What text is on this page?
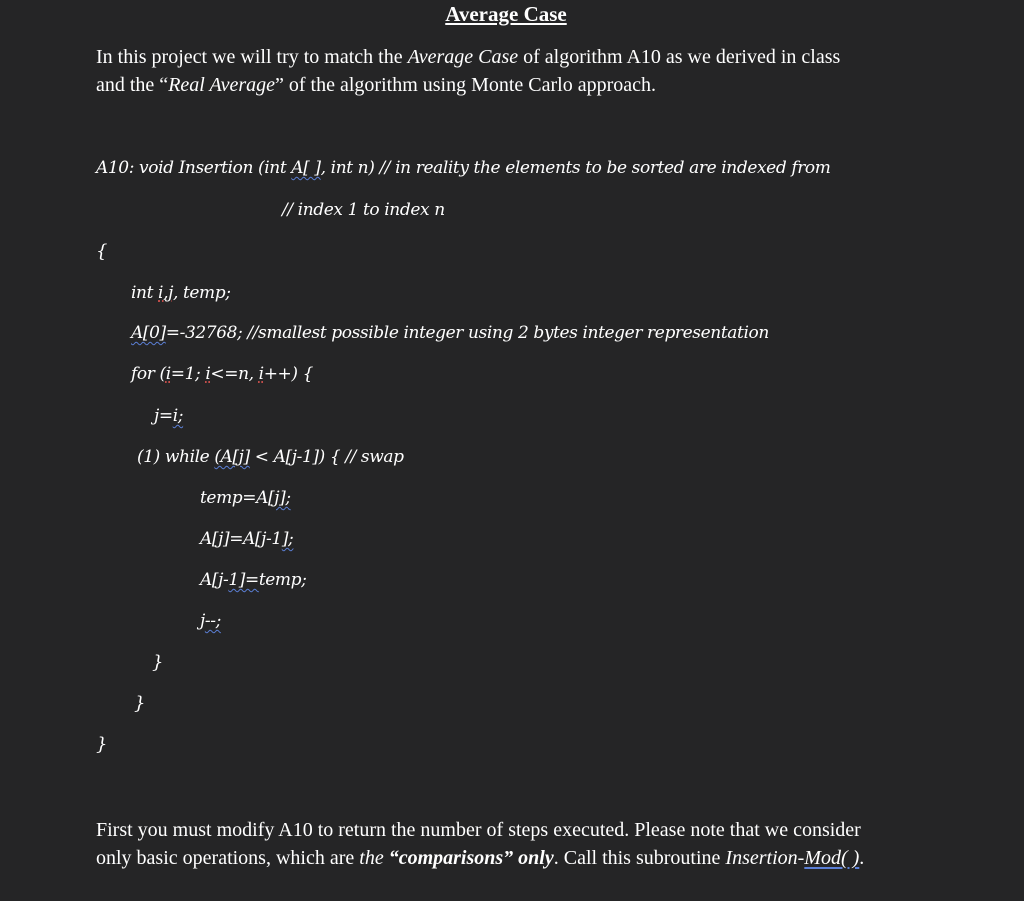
Average Case
In this project we will try to match the Average Case of algorithm A10 as we derived in class
and the “Real Average” of the algorithm using Monte Carlo approach.
A10: void Insertion (int A[ ], int n) // in reality the elements to be sorted are indexed from
// index 1 to index n
{
int i,j, temp;
A[0]=-32768; //smallest possible integer using 2 bytes integer representation
for (i=1; i<=n, i++) {
j=i;
(1) while (A[j] < A[j-1]) { // swap
temp=A[j];
A[j]=A[j-1];
A[j-1]=temp;
j--;
}
}
}
First you must modify A10 to return the number of steps executed. Please note that we consider
only basic operations, which are the “comparisons” only. Call this subroutine Insertion-Mod( ).
